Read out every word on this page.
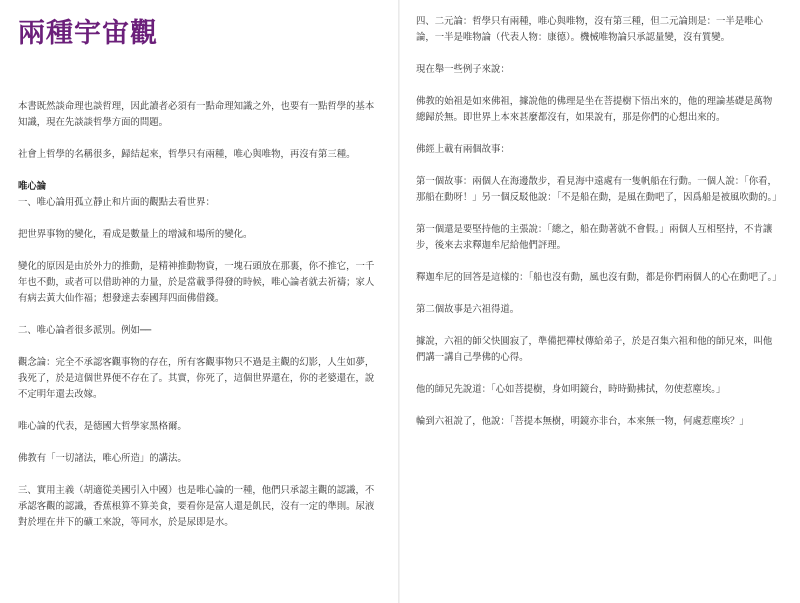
兩種宇宙觀

本書既然談命理也談哲理，因此讀者必須有一點命理知識之外，也要有一點哲學的基本知識，現在先談談哲學方面的問題。

社會上哲學的名稱很多，歸結起來，哲學只有兩種，唯心與唯物，再沒有第三種。

唯心論

一、唯心論用孤立靜止和片面的觀點去看世界：

把世界事物的變化，看成是數量上的增減和場所的變化。

變化的原因是由於外力的推動，是精神推動物資，一塊石頭放在那裏，你不推它，一千年也不動，或者可以借助神的力量，於是當載爭得發的時候，唯心論者就去祈禱；家人有病去黃大仙作福；想發達去泰國拜四面佛借錢。

二、唯心論者很多派別。例如──

觀念論：完全不承認客觀事物的存在，所有客觀事物只不過是主觀的幻影，人生如夢，我死了，於是這個世界便不存在了。其實，你死了，這個世界還在，你的老婆還在，說不定明年還去改嫁。

唯心論的代表，是德國大哲學家黑格爾。

佛教有「一切諸法，唯心所造」的講法。

三、實用主義（胡適從美國引入中國）也是唯心論的一種，他們只承認主觀的認識，不承認客觀的認識，香蕉根算不算美食，要看你是富人還是飢民，沒有一定的準則。尿液對於埋在井下的礦工來說，等同水，於是尿即是水。

四、二元論：哲學只有兩種，唯心與唯物，沒有第三種，但二元論則是：一半是唯心論，一半是唯物論（代表人物：康德）。機械唯物論只承認量變，沒有質變。

現在舉一些例子來說：

佛教的始祖是如來佛祖，據說他的佛理是坐在菩提樹下悟出來的，他的理論基礎是萬物總歸於無。即世界上本來甚麼都沒有，如果說有，那是你們的心想出來的。

佛經上載有兩個故事：

第一個故事：兩個人在海邊散步，看見海中遠處有一隻帆船在行動。一個人說：「你看，那船在動呀！」另一個反駁他說：「不是船在動，是風在動吧了，因爲船是被風吹動的。」

第一個還是要堅持他的主張說：「總之，船在動著就不會假。」兩個人互相堅持，不肯讓步，後來去求釋迦牟尼給他們評理。

釋迦牟尼的回答是這樣的：「船也沒有動，風也沒有動，都是你們兩個人的心在動吧了。」

第二個故事是六祖得道。

據說，六祖的師父快圓寂了，準備把禪杖傳給弟子，於是召集六祖和他的師兄來，叫他們講一講自己學佛的心得。

他的師兄先說道：「心如菩提樹，身如明鏡台，時時勤拂拭，勿使惹塵埃。」

輪到六祖說了，他說：「菩提本無樹，明鏡亦非台，本來無一物，何處惹塵埃？」
